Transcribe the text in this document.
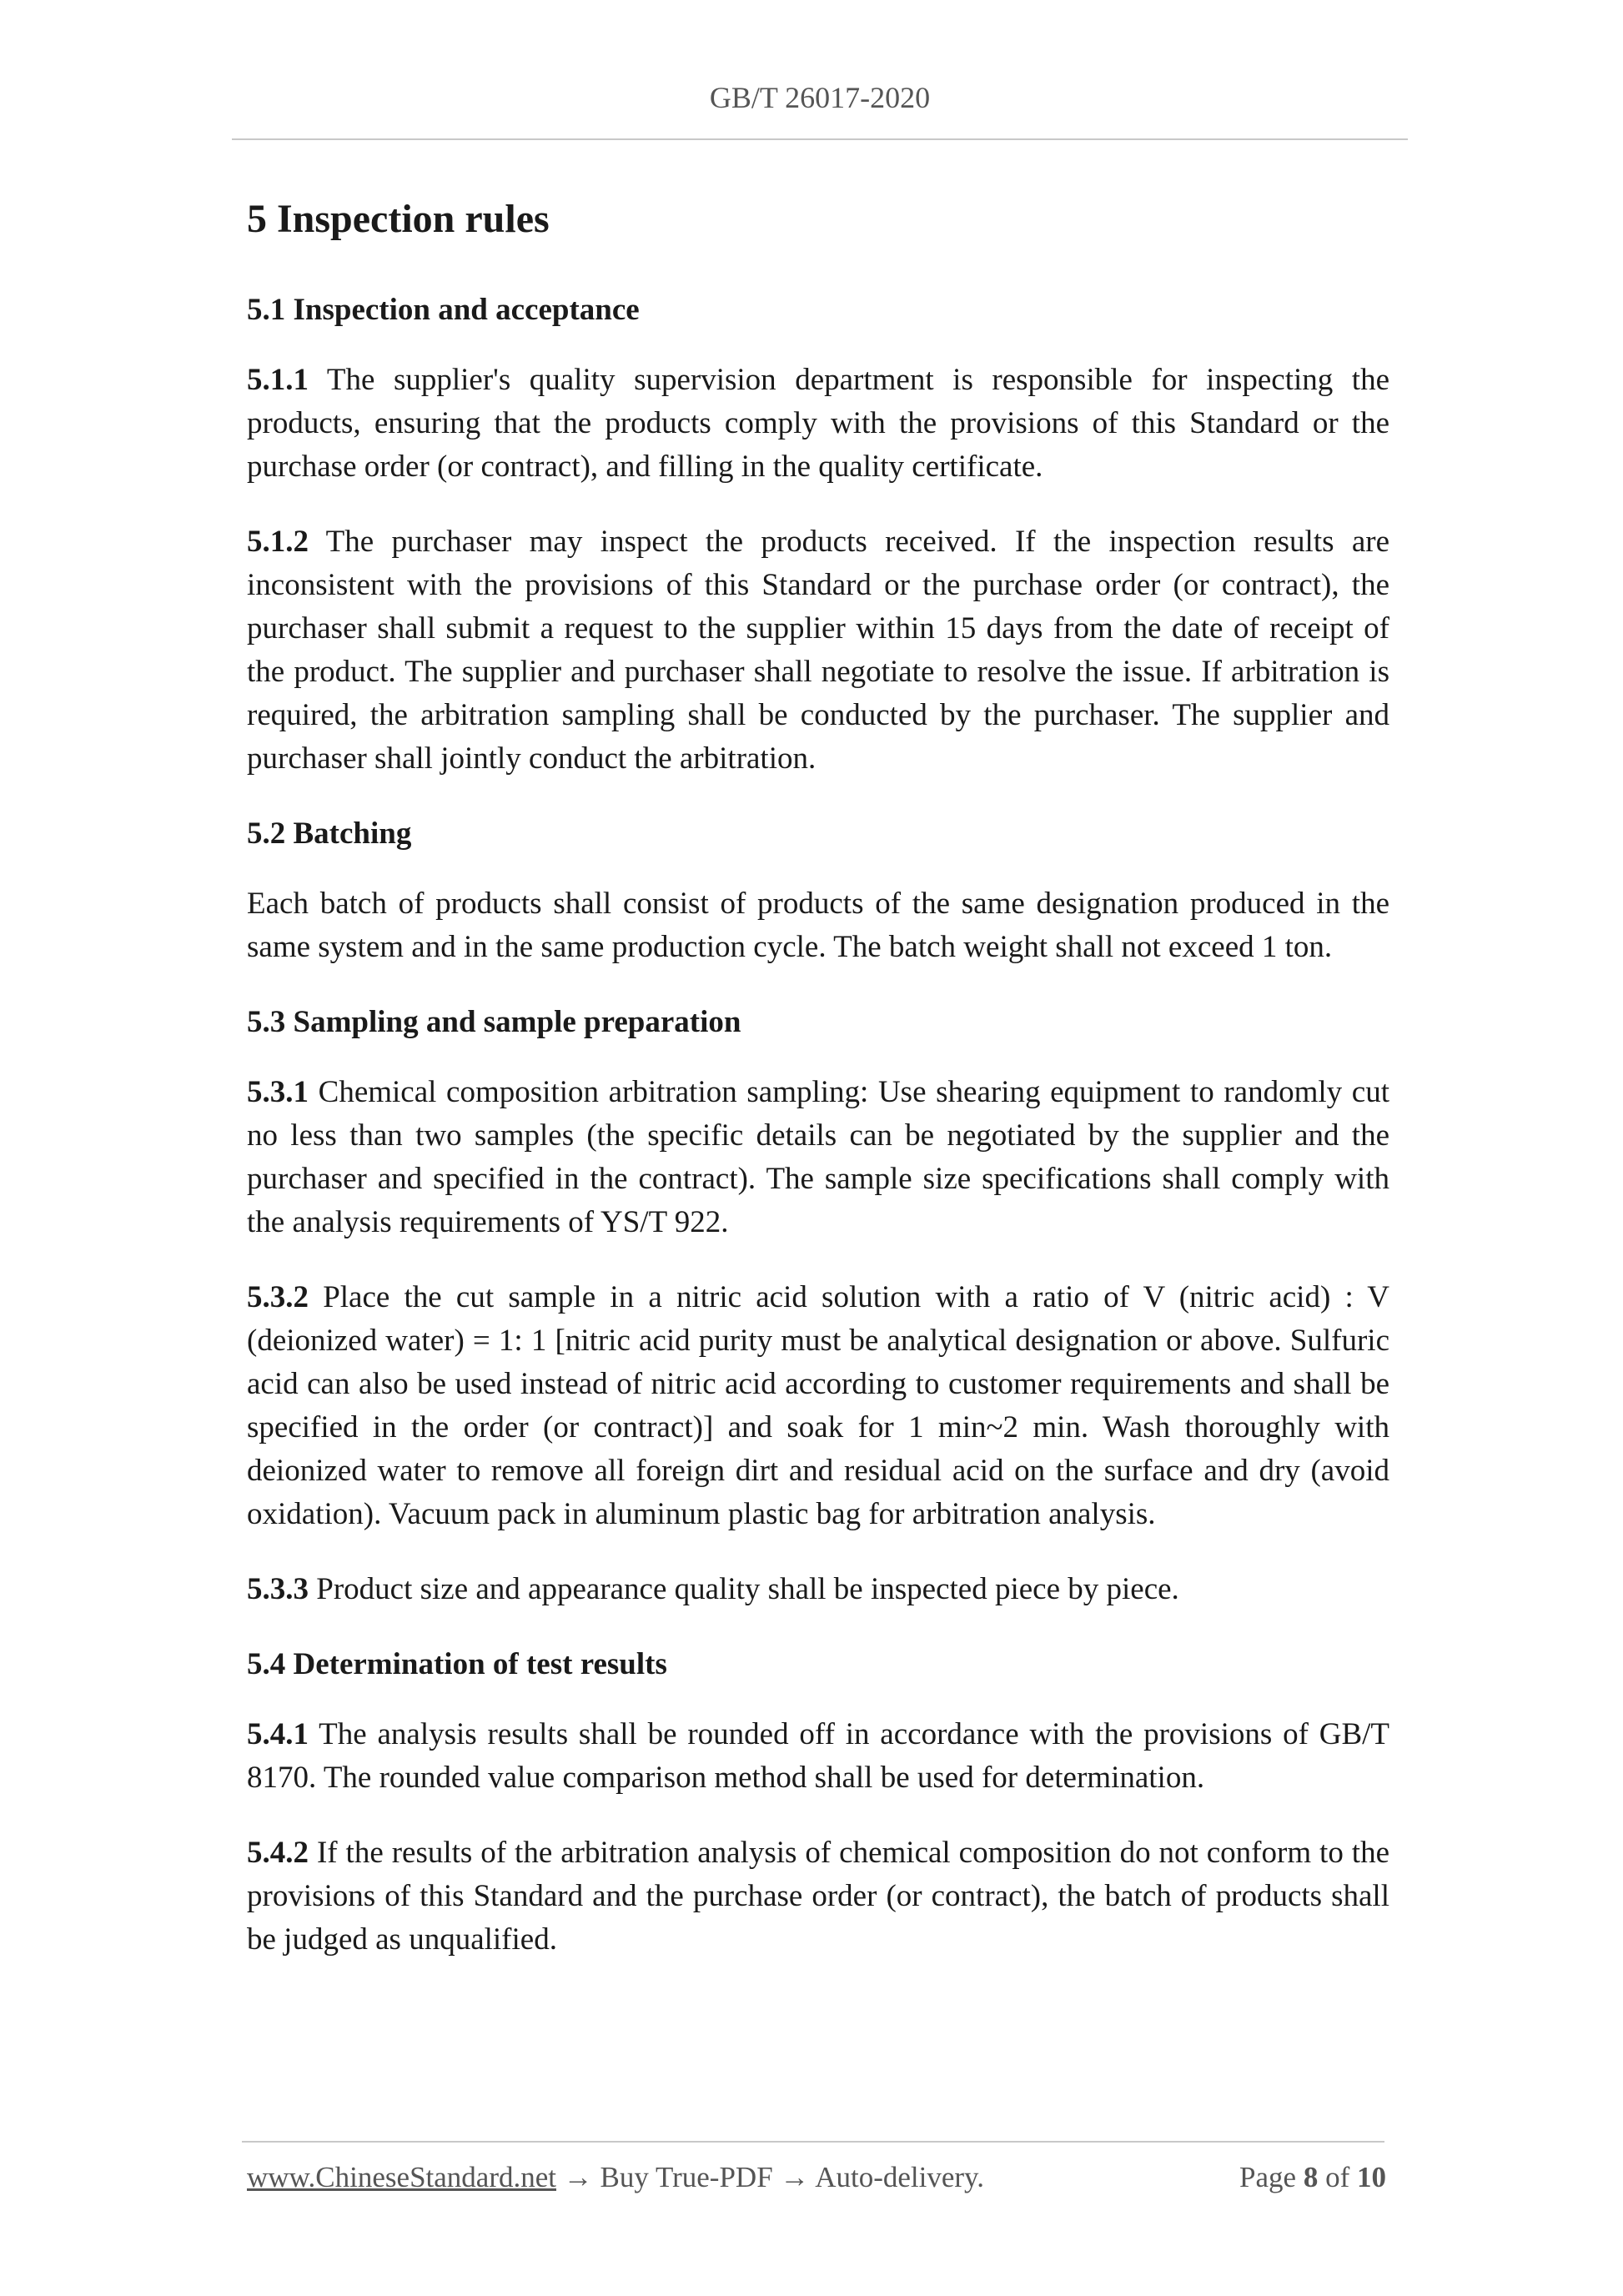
GB/T 26017-2020
5 Inspection rules
5.1 Inspection and acceptance

5.1.1 The supplier's quality supervision department is responsible for inspecting the products, ensuring that the products comply with the provisions of this Standard or the purchase order (or contract), and filling in the quality certificate.

5.1.2 The purchaser may inspect the products received. If the inspection results are inconsistent with the provisions of this Standard or the purchase order (or contract), the purchaser shall submit a request to the supplier within 15 days from the date of receipt of the product. The supplier and purchaser shall negotiate to resolve the issue. If arbitration is required, the arbitration sampling shall be conducted by the purchaser. The supplier and purchaser shall jointly conduct the arbitration.

5.2 Batching

Each batch of products shall consist of products of the same designation produced in the same system and in the same production cycle. The batch weight shall not exceed 1 ton.

5.3 Sampling and sample preparation

5.3.1 Chemical composition arbitration sampling: Use shearing equipment to randomly cut no less than two samples (the specific details can be negotiated by the supplier and the purchaser and specified in the contract). The sample size specifications shall comply with the analysis requirements of YS/T 922.

5.3.2 Place the cut sample in a nitric acid solution with a ratio of V (nitric acid) : V (deionized water) = 1: 1 [nitric acid purity must be analytical designation or above. Sulfuric acid can also be used instead of nitric acid according to customer requirements and shall be specified in the order (or contract)] and soak for 1 min~2 min. Wash thoroughly with deionized water to remove all foreign dirt and residual acid on the surface and dry (avoid oxidation). Vacuum pack in aluminum plastic bag for arbitration analysis.

5.3.3 Product size and appearance quality shall be inspected piece by piece.

5.4 Determination of test results

5.4.1 The analysis results shall be rounded off in accordance with the provisions of GB/T 8170. The rounded value comparison method shall be used for determination.

5.4.2 If the results of the arbitration analysis of chemical composition do not conform to the provisions of this Standard and the purchase order (or contract), the batch of products shall be judged as unqualified.

www.ChineseStandard.net → Buy True-PDF → Auto-delivery.	Page 8 of 10
